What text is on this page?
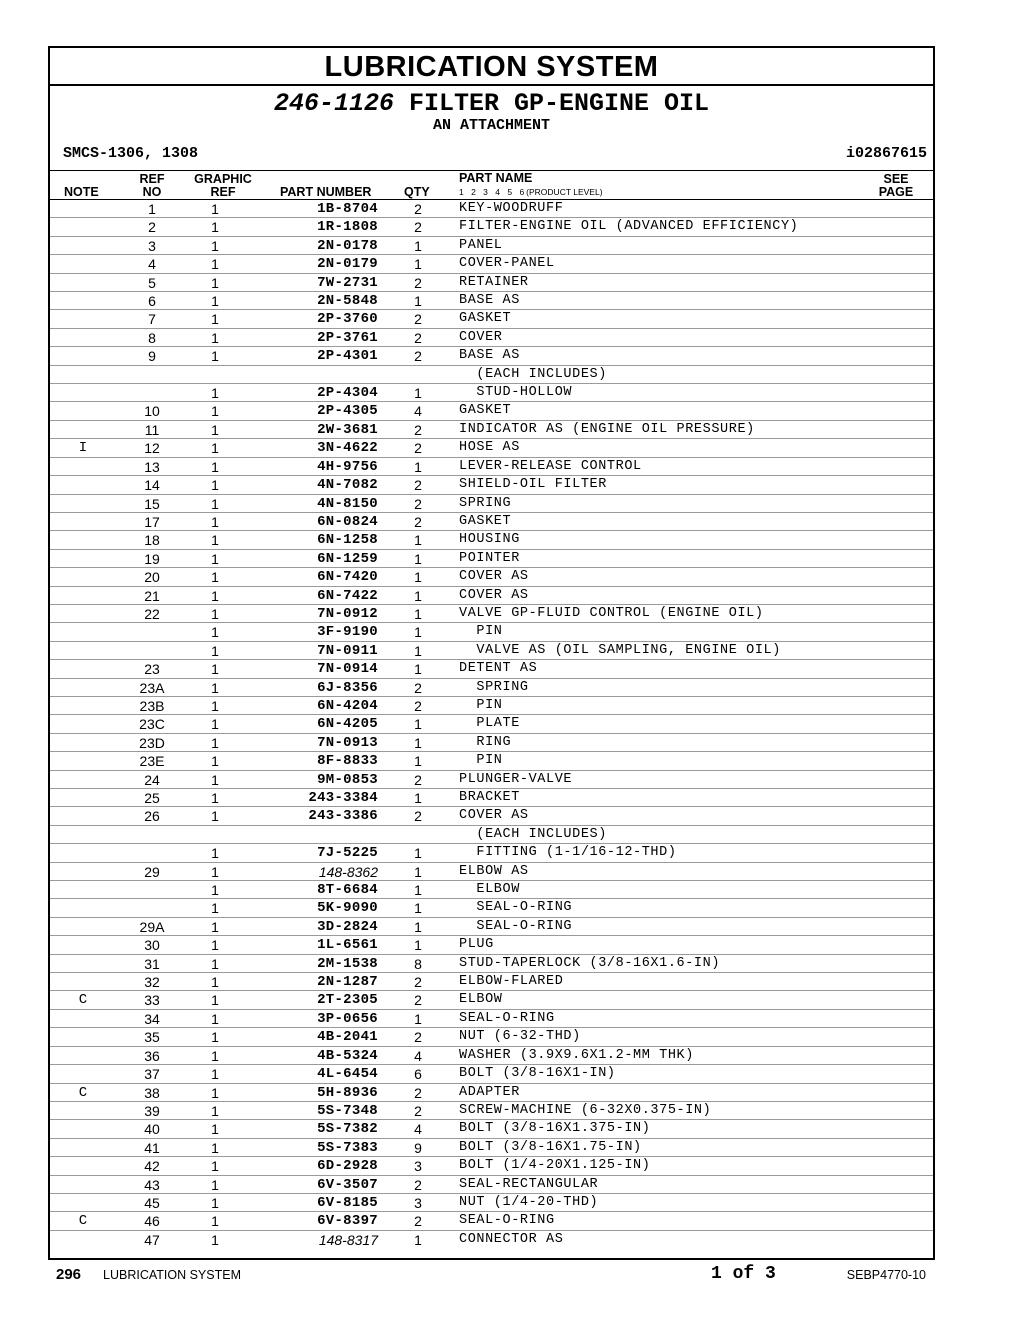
LUBRICATION SYSTEM
246-1126 FILTER GP-ENGINE OIL
AN ATTACHMENT
SMCS-1306, 1308	i02867615
NOTE
REF
NO
GRAPHIC
REF	PART NUMBER	QTY
PART NAME
1 2 3 4 5 6 (PRODUCT LEVEL)
SEE
PAGE
1	1	1B-8704	2	KEY-WOODRUFF
2	1	1R-1808	2	FILTER-ENGINE OIL (ADVANCED EFFICIENCY)
3	1	2N-0178	1	PANEL
4	1	2N-0179	1	COVER-PANEL
5	1	7W-2731	2	RETAINER
6	1	2N-5848	1	BASE AS
7	1	2P-3760	2	GASKET
8	1	2P-3761	2	COVER
9	1	2P-4301	2	BASE AS
(EACH INCLUDES)
1	2P-4304	1	STUD-HOLLOW
10	1	2P-4305	4	GASKET
11	1	2W-3681	2	INDICATOR AS (ENGINE OIL PRESSURE)
I	12	1	3N-4622	2	HOSE AS
13	1	4H-9756	1	LEVER-RELEASE CONTROL
14	1	4N-7082	2	SHIELD-OIL FILTER
15	1	4N-8150	2	SPRING
17	1	6N-0824	2	GASKET
18	1	6N-1258	1	HOUSING
19	1	6N-1259	1	POINTER
20	1	6N-7420	1	COVER AS
21	1	6N-7422	1	COVER AS
22	1	7N-0912	1	VALVE GP-FLUID CONTROL (ENGINE OIL)
1	3F-9190	1	PIN
1	7N-0911	1	VALVE AS (OIL SAMPLING, ENGINE OIL)
23	1	7N-0914	1	DETENT AS
23A	1	6J-8356	2	SPRING
23B	1	6N-4204	2	PIN
23C	1	6N-4205	1	PLATE
23D	1	7N-0913	1	RING
23E	1	8F-8833	1	PIN
24	1	9M-0853	2	PLUNGER-VALVE
25	1	243-3384	1	BRACKET
26	1	243-3386	2	COVER AS
(EACH INCLUDES)
1	7J-5225	1	FITTING (1-1/16-12-THD)
29	1	148-8362	1	ELBOW AS
1	8T-6684	1	ELBOW
1	5K-9090	1	SEAL-O-RING
29A	1	3D-2824	1	SEAL-O-RING
30	1	1L-6561	1	PLUG
31	1	2M-1538	8	STUD-TAPERLOCK (3/8-16X1.6-IN)
32	1	2N-1287	2	ELBOW-FLARED
C	33	1	2T-2305	2	ELBOW
34	1	3P-0656	1	SEAL-O-RING
35	1	4B-2041	2	NUT (6-32-THD)
36	1	4B-5324	4	WASHER (3.9X9.6X1.2-MM THK)
37	1	4L-6454	6	BOLT (3/8-16X1-IN)
C	38	1	5H-8936	2	ADAPTER
39	1	5S-7348	2	SCREW-MACHINE (6-32X0.375-IN)
40	1	5S-7382	4	BOLT (3/8-16X1.375-IN)
41	1	5S-7383	9	BOLT (3/8-16X1.75-IN)
42	1	6D-2928	3	BOLT (1/4-20X1.125-IN)
43	1	6V-3507	2	SEAL-RECTANGULAR
45	1	6V-8185	3	NUT (1/4-20-THD)
C	46	1	6V-8397	2	SEAL-O-RING
47	1	148-8317	1	CONNECTOR AS
296 LUBRICATION SYSTEM	1 of 3	SEBP4770-10
